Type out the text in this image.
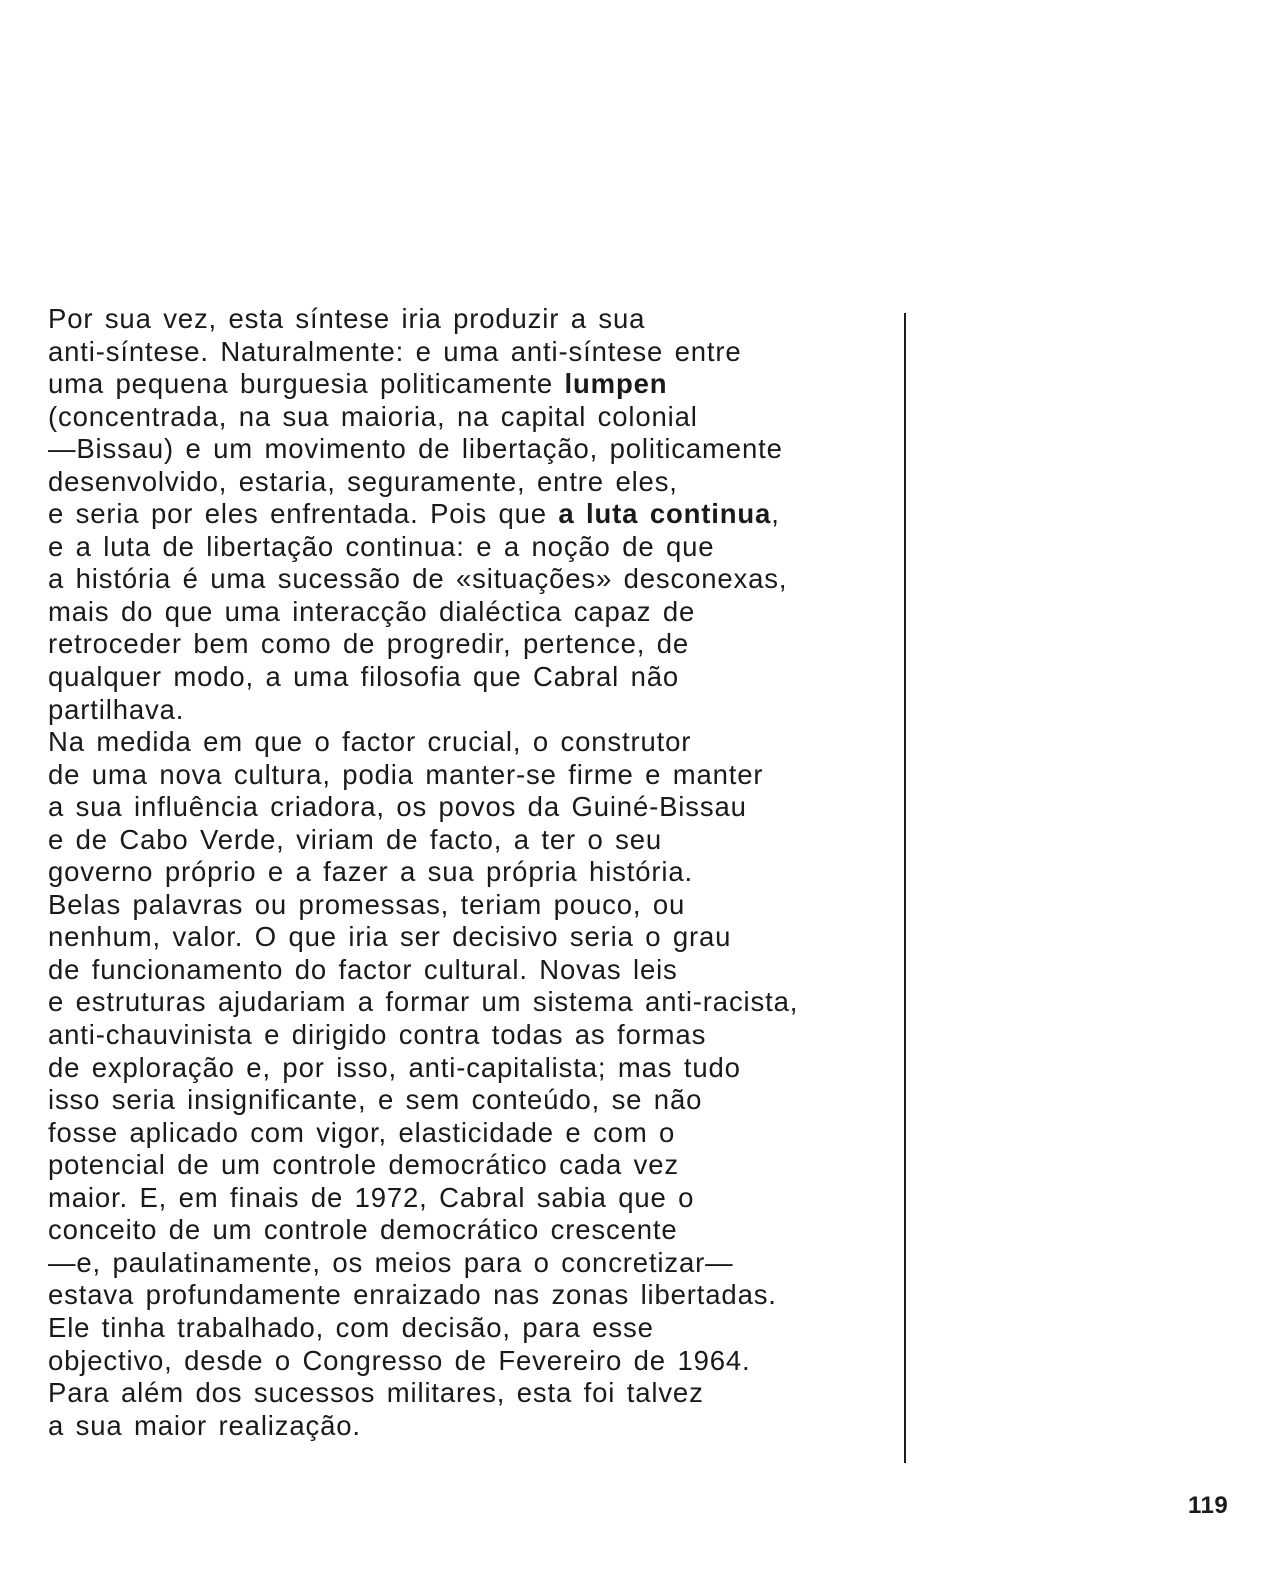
Por sua vez, esta síntese iria produzir a sua
anti-síntese. Naturalmente: e uma anti-síntese entre
uma pequena burguesia politicamente lumpen
(concentrada, na sua maioria, na capital colonial
—Bissau) e um movimento de libertação, politicamente
desenvolvido, estaria, seguramente, entre eles,
e seria por eles enfrentada. Pois que a luta continua,
e a luta de libertação continua: e a noção de que
a história é uma sucessão de «situações» desconexas,
mais do que uma interacção dialéctica capaz de
retroceder bem como de progredir, pertence, de
qualquer modo, a uma filosofia que Cabral não
partilhava.
Na medida em que o factor crucial, o construtor
de uma nova cultura, podia manter-se firme e manter
a sua influência criadora, os povos da Guiné-Bissau
e de Cabo Verde, viriam de facto, a ter o seu
governo próprio e a fazer a sua própria história.
Belas palavras ou promessas, teriam pouco, ou
nenhum, valor. O que iria ser decisivo seria o grau
de funcionamento do factor cultural. Novas leis
e estruturas ajudariam a formar um sistema anti-racista,
anti-chauvinista e dirigido contra todas as formas
de exploração e, por isso, anti-capitalista; mas tudo
isso seria insignificante, e sem conteúdo, se não
fosse aplicado com vigor, elasticidade e com o
potencial de um controle democrático cada vez
maior. E, em finais de 1972, Cabral sabia que o
conceito de um controle democrático crescente
—e, paulatinamente, os meios para o concretizar—
estava profundamente enraizado nas zonas libertadas.
Ele tinha trabalhado, com decisão, para esse
objectivo, desde o Congresso de Fevereiro de 1964.
Para além dos sucessos militares, esta foi talvez
a sua maior realização.
119
